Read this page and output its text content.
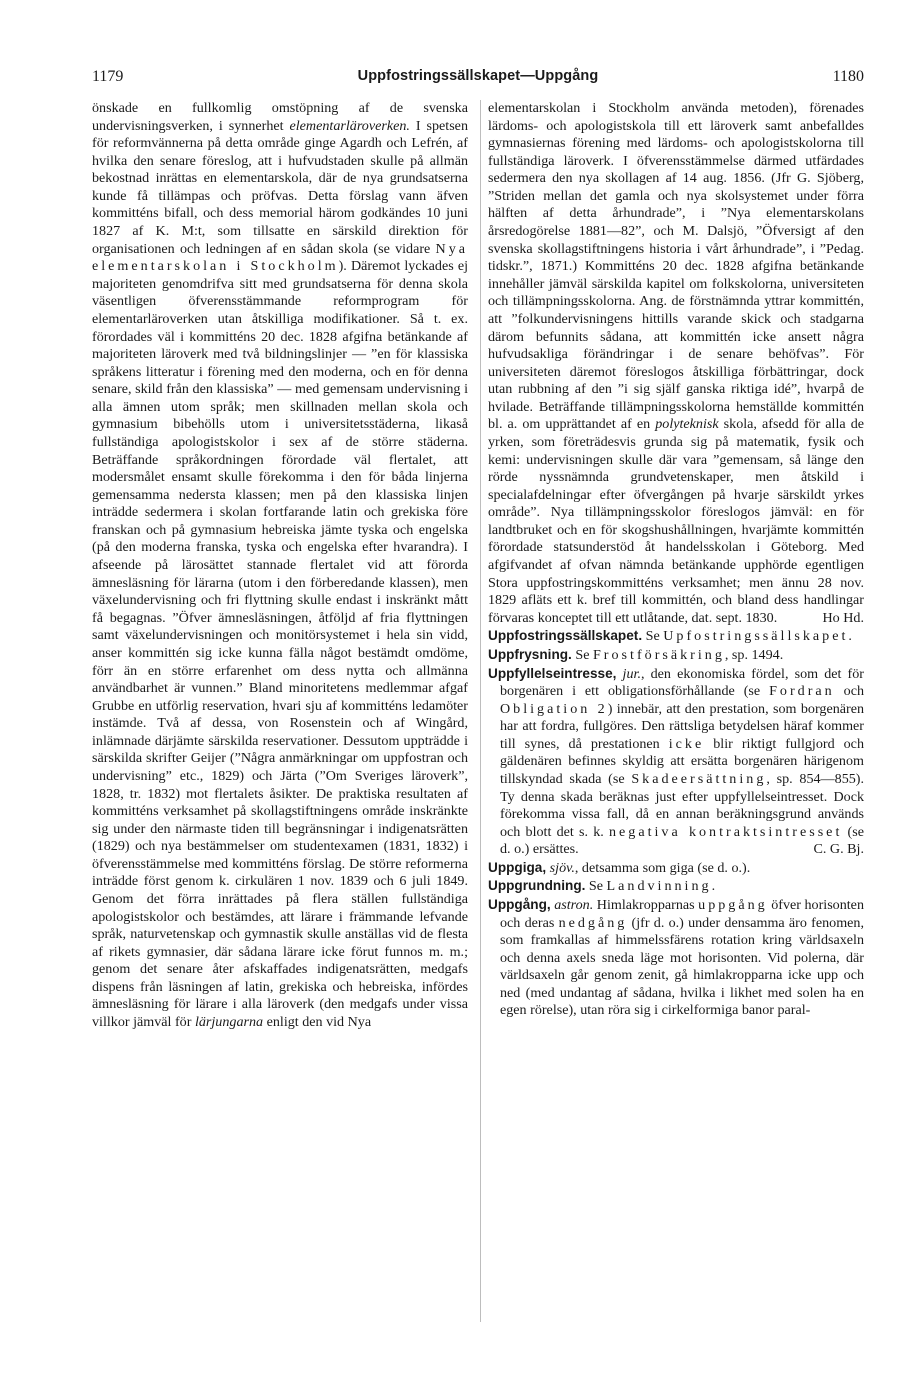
1179	Uppfostringssällskapet—Uppgång	1180

önskade en fullkomlig omstöpning af de svenska undervisningsverken, i synnerhet elementarläroverken. I spetsen för reformvännerna på detta område ginge Agardh och Lefrén, af hvilka den senare föreslog, att i hufvudstaden skulle på allmän bekostnad inrättas en elementarskola, där de nya grundsatserna kunde få tillämpas och pröfvas. Detta förslag vann äfven kommitténs bifall, och dess memorial härom godkändes 10 juni 1827 af K. M:t, som tillsatte en särskild direktion för organisationen och ledningen af en sådan skola (se vidare Nya elementarskolan i Stockholm). Däremot lyckades ej majoriteten genomdrifva sitt med grundsatserna för denna skola väsentligen öfverensstämmande reformprogram för elementarläroverken utan åtskilliga modifikationer. Så t. ex. förordades väl i kommitténs 20 dec. 1828 afgifna betänkande af majoriteten läroverk med två bildningslinjer — ”en för klassiska språkens litteratur i förening med den moderna, och en för denna senare, skild från den klassiska” — med gemensam undervisning i alla ämnen utom språk; men skillnaden mellan skola och gymnasium bibehölls utom i universitetsstäderna, likaså fullständiga apologistskolor i sex af de större städerna. Beträffande språkordningen förordade väl flertalet, att modersmålet ensamt skulle förekomma i den för båda linjerna gemensamma nedersta klassen; men på den klassiska linjen inträdde sedermera i skolan fortfarande latin och grekiska före franskan och på gymnasium hebreiska jämte tyska och engelska (på den moderna franska, tyska och engelska efter hvarandra). I afseende på lärosättet stannade flertalet vid att förorda ämnesläsning för lärarna (utom i den förberedande klassen), men växelundervisning och fri flyttning skulle endast i inskränkt mått få begagnas. ”Öfver ämnesläsningen, åtföljd af fria flyttningen samt växelundervisningen och monitörsystemet i hela sin vidd, anser kommittén sig icke kunna fälla något bestämdt omdöme, förr än en större erfarenhet om dess nytta och allmänna användbarhet är vunnen.” Bland minoritetens medlemmar afgaf Grubbe en utförlig reservation, hvari sju af kommitténs ledamöter instämde. Två af dessa, von Rosenstein och af Wingård, inlämnade därjämte särskilda reservationer. Dessutom uppträdde i särskilda skrifter Geijer (”Några anmärkningar om uppfostran och undervisning” etc., 1829) och Järta (”Om Sveriges läroverk”, 1828, tr. 1832) mot flertalets åsikter. De praktiska resultaten af kommitténs verksamhet på skollagstiftningens område inskränkte sig under den närmaste tiden till begränsningar i indigenatsrätten (1829) och nya bestämmelser om studentexamen (1831, 1832) i öfverensstämmelse med kommitténs förslag. De större reformerna inträdde först genom k. cirkulären 1 nov. 1839 och 6 juli 1849. Genom det förra inrättades på flera ställen fullständiga apologistskolor och bestämdes, att lärare i främmande lefvande språk, naturvetenskap och gymnastik skulle anställas vid de flesta af rikets gymnasier, där sådana lärare icke förut funnos m. m.; genom det senare åter afskaffades indigenatsrätten, medgafs dispens från läsningen af latin, grekiska och hebreiska, infördes ämnesläsning för lärare i alla läroverk (den medgafs under vissa villkor jämväl för lärjungarna enligt den vid Nya

elementarskolan i Stockholm använda metoden), förenades lärdoms- och apologistskola till ett läroverk samt anbefalldes gymnasiernas förening med lärdoms- och apologistskolorna till fullständiga läroverk. I öfverensstämmelse därmed utfärdades sedermera den nya skollagen af 14 aug. 1856. (Jfr G. Sjöberg, ”Striden mellan det gamla och nya skolsystemet under förra hälften af detta århundrade”, i ”Nya elementarskolans årsredogörelse 1881—82”, och M. Dalsjö, ”Öfversigt af den svenska skollagstiftningens historia i vårt århundrade”, i ”Pedag. tidskr.”, 1871.) Kommitténs 20 dec. 1828 afgifna betänkande innehåller jämväl särskilda kapitel om folkskolorna, universiteten och tillämpningsskolorna. Ang. de förstnämnda yttrar kommittén, att ”folkundervisningens hittills varande skick och stadgarna därom befunnits sådana, att kommittén icke ansett några hufvudsakliga förändringar i de senare behöfvas”. För universiteten däremot föreslogos åtskilliga förbättringar, dock utan rubbning af den ”i sig själf ganska riktiga idé”, hvarpå de hvilade. Beträffande tillämpningsskolorna hemställde kommittén bl. a. om upprättandet af en polyteknisk skola, afsedd för alla de yrken, som företrädesvis grunda sig på matematik, fysik och kemi: undervisningen skulle där vara ”gemensam, så länge den rörde nyssnämnda grundvetenskaper, men åtskild i specialafdelningar efter öfvergången på hvarje särskildt yrkes område”. Nya tillämpningsskolor föreslogos jämväl: en för landtbruket och en för skogshushållningen, hvarjämte kommittén förordade statsunderstöd åt handelsskolan i Göteborg. Med afgifvandet af ofvan nämnda betänkande upphörde egentligen Stora uppfostringskommitténs verksamhet; men ännu 28 nov. 1829 afläts ett k. bref till kommittén, och bland dess handlingar förvaras konceptet till ett utlåtande, dat. sept. 1830.	Ho Hd.

Uppfostringssällskapet. Se Upfostringssällskapet.

Uppfrysning. Se Frostförsäkring, sp. 1494.

Uppfyllelseintresse, jur., den ekonomiska fördel, som det för borgenären i ett obligationsförhållande (se Fordran och Obligation 2) innebär, att den prestation, som borgenären har att fordra, fullgöres. Den rättsliga betydelsen häraf kommer till synes, då prestationen icke blir riktigt fullgjord och gäldenären befinnes skyldig att ersätta borgenären härigenom tillskyndad skada (se Skadeersättning, sp. 854—855). Ty denna skada beräknas just efter uppfyllelseintresset. Dock förekomma vissa fall, då en annan beräkningsgrund används och blott det s. k. negativa kontraktsintresset (se d. o.) ersättes.	C. G. Bj.

Uppgiga, sjöv., detsamma som giga (se d. o.).

Uppgrundning. Se Landvinning.

Uppgång, astron. Himlakropparnas uppgång öfver horisonten och deras nedgång (jfr d. o.) under densamma äro fenomen, som framkallas af himmelssfärens rotation kring världsaxeln och denna axels sneda läge mot horisonten. Vid polerna, där världsaxeln går genom zenit, gå himlakropparna icke upp och ned (med undantag af sådana, hvilka i likhet med solen ha en egen rörelse), utan röra sig i cirkelformiga banor paral-
